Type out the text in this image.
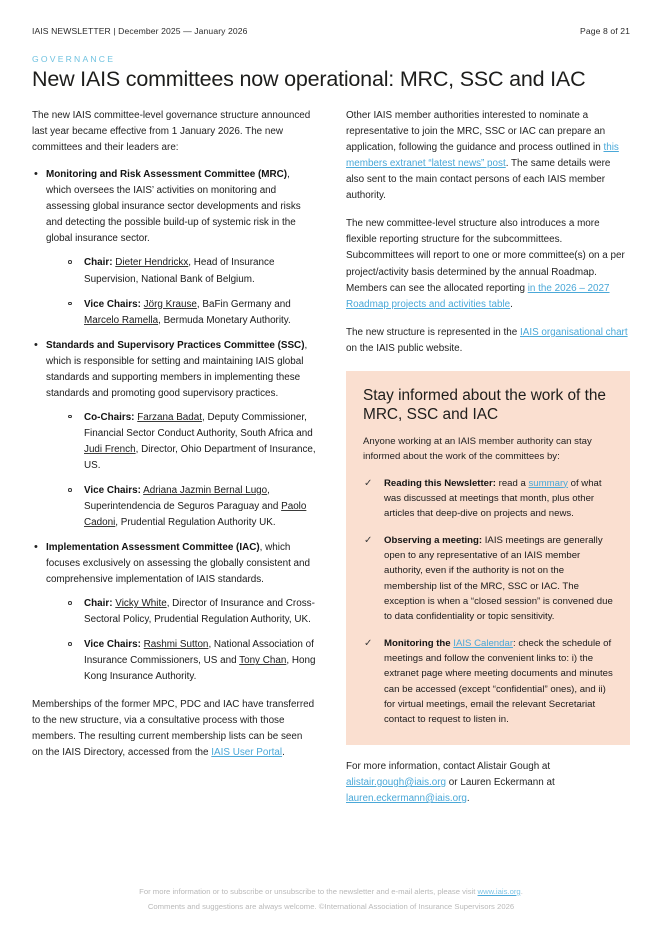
IAIS NEWSLETTER | December 2025 — January 2026	Page 8 of 21
GOVERNANCE
New IAIS committees now operational: MRC, SSC and IAC

The new IAIS committee-level governance structure announced last year became effective from 1 January 2026. The new committees and their leaders are:

• Monitoring and Risk Assessment Committee (MRC), which oversees the IAIS’ activities on monitoring and assessing global insurance sector developments and risks and detecting the possible build-up of systemic risk in the global insurance sector.
Chair: Dieter Hendrickx, Head of Insurance Supervision, National Bank of Belgium.
Vice Chairs: Jörg Krause, BaFin Germany and Marcelo Ramella, Bermuda Monetary Authority.
• Standards and Supervisory Practices Committee (SSC), which is responsible for setting and maintaining IAIS global standards and supporting members in implementing these standards and promoting good supervisory practices.
Co-Chairs: Farzana Badat, Deputy Commissioner, Financial Sector Conduct Authority, South Africa and Judi French, Director, Ohio Department of Insurance, US.
Vice Chairs: Adriana Jazmin Bernal Lugo, Superintendencia de Seguros Paraguay and Paolo Cadoni, Prudential Regulation Authority UK.
• Implementation Assessment Committee (IAC), which focuses exclusively on assessing the globally consistent and comprehensive implementation of IAIS standards.
Chair: Vicky White, Director of Insurance and Cross-Sectoral Policy, Prudential Regulation Authority, UK.
Vice Chairs: Rashmi Sutton, National Association of Insurance Commissioners, US and Tony Chan, Hong Kong Insurance Authority.

Memberships of the former MPC, PDC and IAC have transferred to the new structure, via a consultative process with those members. The resulting current membership lists can be seen on the IAIS Directory, accessed from the IAIS User Portal.

Other IAIS member authorities interested to nominate a representative to join the MRC, SSC or IAC can prepare an application, following the guidance and process outlined in this members extranet “latest news” post. The same details were also sent to the main contact persons of each IAIS member authority.

The new committee-level structure also introduces a more flexible reporting structure for the subcommittees. Subcommittees will report to one or more committee(s) on a per project/activity basis determined by the annual Roadmap. Members can see the allocated reporting in the 2026 – 2027 Roadmap projects and activities table.

The new structure is represented in the IAIS organisational chart on the IAIS public website.

Stay informed about the work of the MRC, SSC and IAC

Anyone working at an IAIS member authority can stay informed about the work of the committees by:

✓ Reading this Newsletter: read a summary of what was discussed at meetings that month, plus other articles that deep-dive on projects and news.
✓ Observing a meeting: IAIS meetings are generally open to any representative of an IAIS member authority, even if the authority is not on the membership list of the MRC, SSC or IAC. The exception is when a “closed session” is convened due to data confidentiality or topic sensitivity.
✓ Monitoring the IAIS Calendar: check the schedule of meetings and follow the convenient links to: i) the extranet page where meeting documents and minutes can be accessed (except “confidential” ones), and ii) for virtual meetings, email the relevant Secretariat contact to request to listen in.

For more information, contact Alistair Gough at alistair.gough@iais.org or Lauren Eckermann at lauren.eckermann@iais.org.

For more information or to subscribe or unsubscribe to the newsletter and e-mail alerts, please visit www.iais.org.
Comments and suggestions are always welcome. ©International Association of Insurance Supervisors 2026
